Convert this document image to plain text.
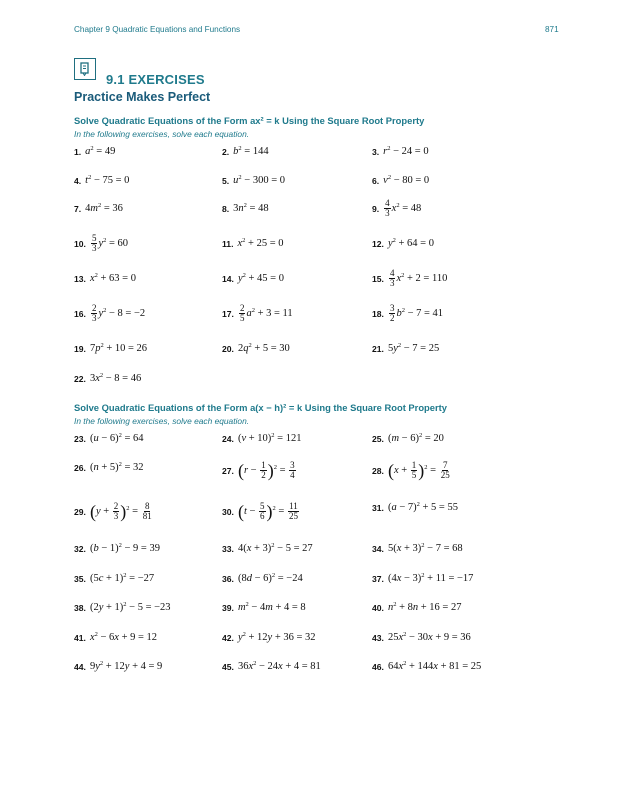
Chapter 9 Quadratic Equations and Functions	871
9.1 EXERCISES
Practice Makes Perfect
Solve Quadratic Equations of the Form ax² = k Using the Square Root Property
In the following exercises, solve each equation.
Solve Quadratic Equations of the Form a(x − h)² = k Using the Square Root Property
In the following exercises, solve each equation.
1. $a^2 = 49$	2. $b^2 = 144$	3. $r^2 - 24 = 0$
4. $t^2 - 75 = 0$	5. $u^2 - 300 = 0$	6. $v^2 - 80 = 0$
7. $4m^2 = 36$	8. $3n^2 = 48$	9. $\frac{4}{3} x^2 = 48$
10. $\frac{5}{3} y^2 = 60$	11. $x^2 + 25 = 0$	12. $y^2 + 64 = 0$
13. $x^2 + 63 = 0$	14. $y^2 + 45 = 0$	15. $\frac{4}{3} x^2 + 2 = 110$
16. $\frac{2}{3} y^2 - 8 = -2$	17. $\frac{2}{5} a^2 + 3 = 11$	18. $\frac{3}{2} b^2 - 7 = 41$
19. $7p^2 + 10 = 26$	20. $2q^2 + 5 = 30$	21. $5y^2 - 7 = 25$
22. $3x^2 - 8 = 46$
23. $(u - 6)^2 = 64$	24. $(v + 10)^2 = 121$	25. $(m - 6)^2 = 20$
26. $(n + 5)^2 = 32$	27. $(r - \frac{1}{2} )^2 = \frac{3}{4}$	28. $(x + \frac{1}{5} )^2 = \frac{7}{25}$
29. $(y + \frac{2}{3} )^2 = \frac{8}{81}$	30. $(t - \frac{5}{6} )^2 = \frac{11}{25}$	31. $(a - 7)^2 + 5 = 55$
32. $(b - 1)^2 - 9 = 39$	33. $4(x + 3)^2 - 5 = 27$	34. $5(x + 3)^2 - 7 = 68$
35. $(5c + 1)^2 = -27$	36. $(8d - 6)^2 = -24$	37. $(4x - 3)^2 + 11 = -17$
38. $(2y + 1)^2 - 5 = -23$	39. $m^2 - 4m + 4 = 8$	40. $n^2 + 8n + 16 = 27$
41. $x^2 - 6x + 9 = 12$	42. $y^2 + 12y + 36 = 32$	43. $25x^2 - 30x + 9 = 36$
44. $9y^2 + 12y + 4 = 9$	45. $36x^2 - 24x + 4 = 81$	46. $64x^2 + 144x + 81 = 25$
